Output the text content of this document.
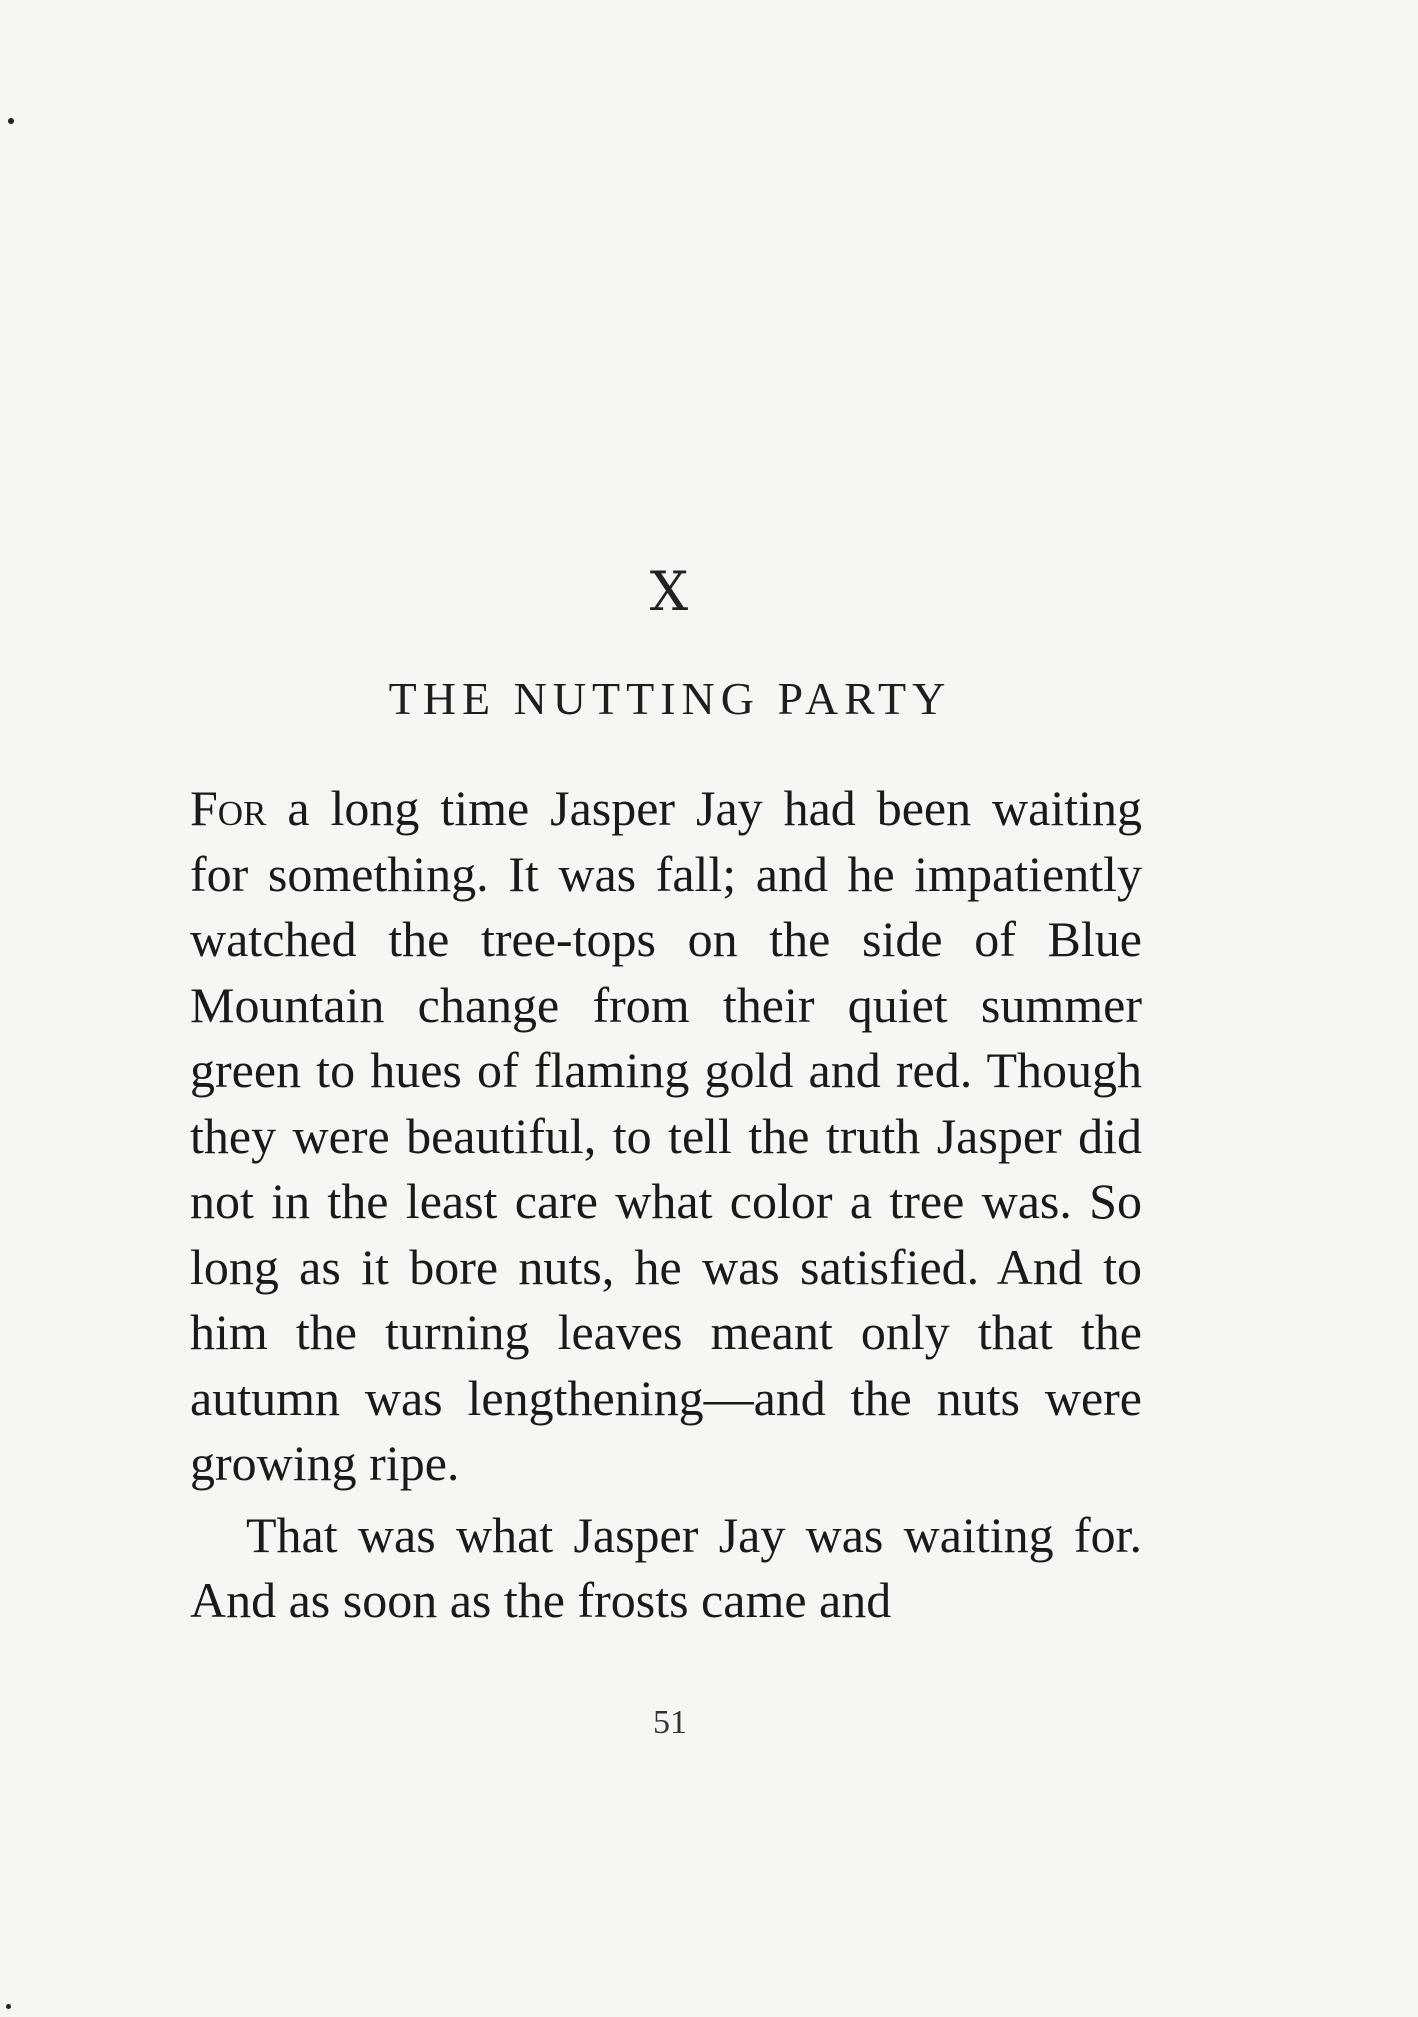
X
THE NUTTING PARTY

For a long time Jasper Jay had been waiting for something. It was fall; and he impatiently watched the tree-tops on the side of Blue Mountain change from their quiet summer green to hues of flaming gold and red. Though they were beautiful, to tell the truth Jasper did not in the least care what color a tree was. So long as it bore nuts, he was satisfied. And to him the turning leaves meant only that the autumn was lengthening—and the nuts were growing ripe.

That was what Jasper Jay was waiting for. And as soon as the frosts came and

51
